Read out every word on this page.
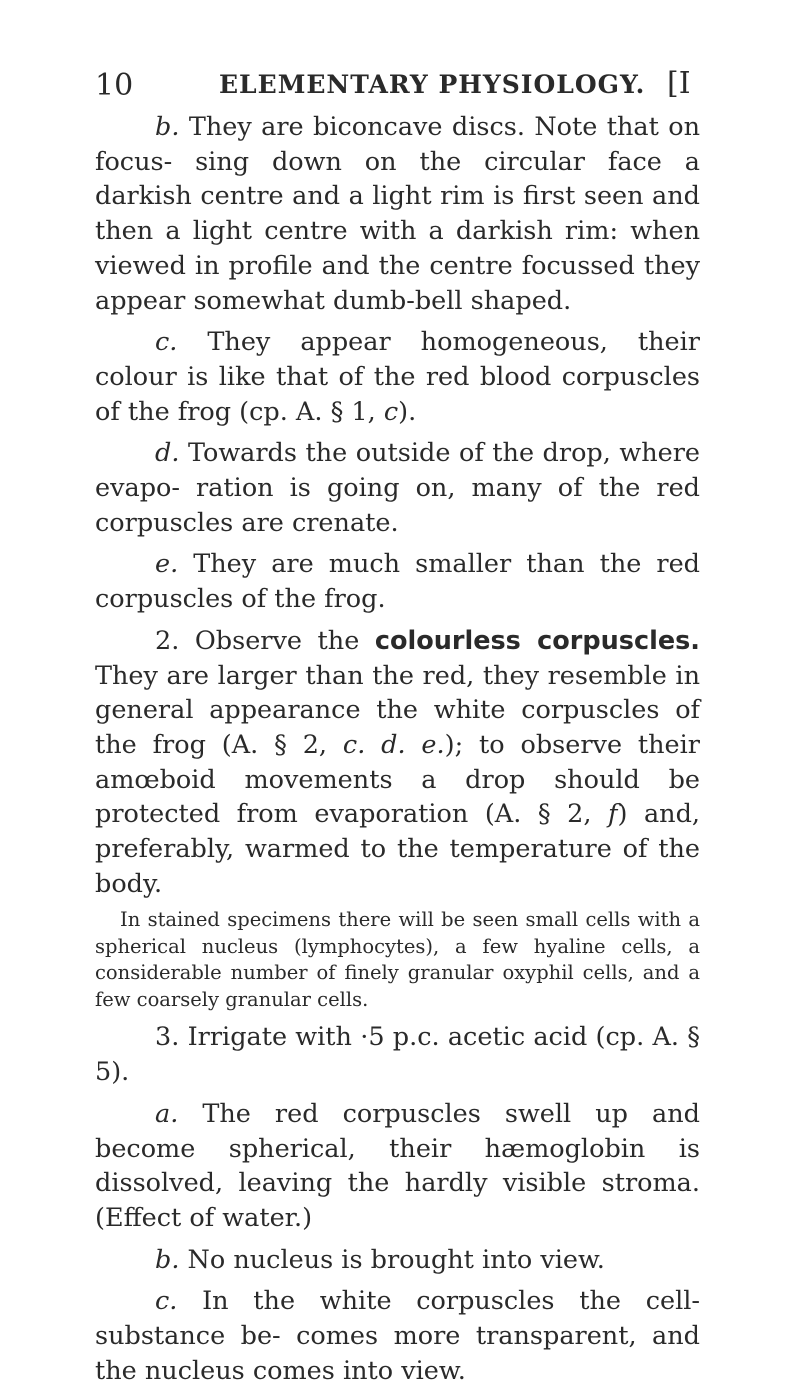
10	ELEMENTARY PHYSIOLOGY. [I

b. They are biconcave discs. Note that on focus- sing down on the circular face a darkish centre and a light rim is first seen and then a light centre with a darkish rim: when viewed in profile and the centre focussed they appear somewhat dumb-bell shaped.

c. They appear homogeneous, their colour is like that of the red blood corpuscles of the frog (cp. A. § 1, c).

d. Towards the outside of the drop, where evapo- ration is going on, many of the red corpuscles are crenate.

e. They are much smaller than the red corpuscles of the frog.

2. Observe the colourless corpuscles. They are larger than the red, they resemble in general appearance the white corpuscles of the frog (A. § 2, c. d. e.); to observe their amœboid movements a drop should be protected from evaporation (A. § 2, f) and, preferably, warmed to the temperature of the body.

In stained specimens there will be seen small cells with a spherical nucleus (lymphocytes), a few hyaline cells, a considerable number of finely granular oxyphil cells, and a few coarsely granular cells.

3. Irrigate with ·5 p.c. acetic acid (cp. A. § 5).

a. The red corpuscles swell up and become spherical, their hæmoglobin is dissolved, leaving the hardly visible stroma. (Effect of water.)

b. No nucleus is brought into view.

c. In the white corpuscles the cell-substance be- comes more transparent, and the nucleus comes into view.
